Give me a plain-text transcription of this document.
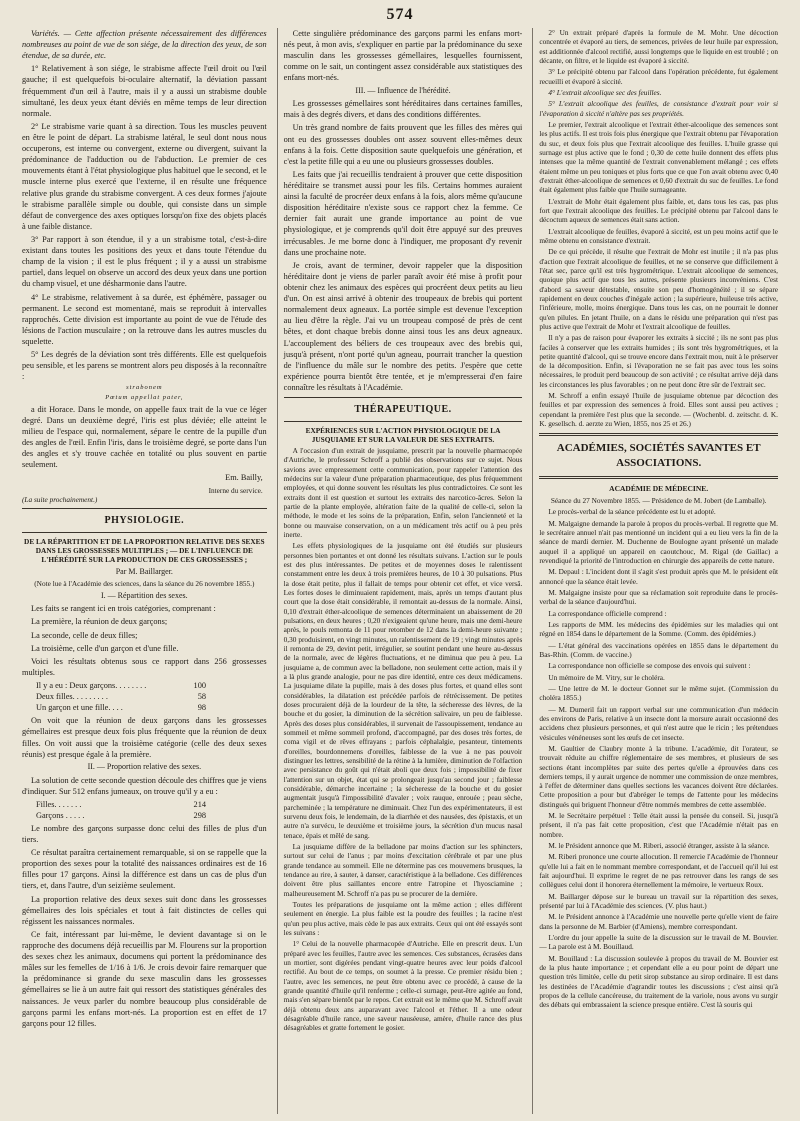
574

Variétés. — Cette affection présente nécessairement des différences nombreuses au point de vue de son siége, de la direction des yeux, de son étendue, de sa durée, etc.

1° Relativement à son siége, le strabisme affecte l'œil droit ou l'œil gauche; il est quelquefois bi-oculaire alternatif, la déviation passant fréquemment d'un œil à l'autre, mais il y a aussi un strabisme double simultané, les deux yeux étant déviés en même temps de leur direction normale.

2° Le strabisme varie quant à sa direction. Tous les muscles peuvent en être le point de départ. La strabisme latéral, le seul dont nous nous occuperons, est interne ou convergent, externe ou divergent, suivant la prédominance de l'adduction ou de l'abduction. Le premier de ces mouvements étant à l'état physiologique plus habituel que le second, et le muscle interne plus exercé que l'externe, il en résulte une fréquence relative plus grande du strabisme convergent. A ces deux formes j'ajoute le strabisme parallèle simple ou double, qui consiste dans un simple défaut de convergence des axes optiques lorsqu'on fixe des objets placés à une faible distance.

3° Par rapport à son étendue, il y a un strabisme total, c'est-à-dire existant dans toutes les positions des yeux et dans toute l'étendue du champ de la vision ; il est le plus fréquent ; il y a aussi un strabisme partiel, dans lequel on observe un accord des deux yeux dans une portion du champ visuel, et une désharmonie dans l'autre.

4° Le strabisme, relativement à sa durée, est éphémère, passager ou permanent. Le second est momentané, mais se reproduit à intervalles rapprochés. Cette division est importante au point de vue de l'étude des lésions de l'action musculaire ; on la retrouve dans les autres muscles du squelette.

5° Les degrés de la déviation sont très différents. Elle est quelquefois peu sensible, et les parens se montrent alors peu disposés à la reconnaître :

strabonem
Pœtum appellat pater,

a dit Horace. Dans le monde, on appelle faux trait de la vue ce léger degré. Dans un deuxième degré, l'iris est plus déviée; elle atteint le milieu de l'espace qui, normalement, sépare le centre de la pupille d'un des angles de l'œil. Enfin l'iris, dans le troisième degré, se porte dans l'un des angles et s'y trouve cachée en totalité ou plus souvent en partie seulement.

Em. Bailly,
Interne du service.
(La suite prochainement.)
PHYSIOLOGIE.
DE LA RÉPARTITION ET DE LA PROPORTION RELATIVE DES SEXES DANS LES GROSSESSES MULTIPLES ; — DE L'INFLUENCE DE L'HÉRÉDITÉ SUR LA PRODUCTION DE CES GROSSESSES ;
Par M. Baillarger.
(Note lue à l'Académie des sciences, dans la séance du 26 novembre 1855.)
I. — Répartition des sexes.

Les faits se rangent ici en trois catégories, comprenant :

La première, la réunion de deux garçons;

La seconde, celle de deux filles;

La troisième, celle d'un garçon et d'une fille.

Voici les résultats obtenus sous ce rapport dans 256 grossesses multiples.

Il y a eu : Deux garçons. . . . . . . .	100
Deux filles. . . . . . . . .	58
Un garçon et une fille. . . .	98

On voit que la réunion de deux garçons dans les grossesses gémellaires est presque deux fois plus fréquente que la réunion de deux filles. On voit aussi que la troisième catégorie (celle des deux sexes réunis) est presque égale à la première.

II. — Proportion relative des sexes.

La solution de cette seconde question découle des chiffres que je viens d'indiquer. Sur 512 enfans jumeaux, on trouve qu'il y a eu :

Filles. . . . . . .	214
Garçons . . . . .	298

Le nombre des garçons surpasse donc celui des filles de plus d'un tiers.

Ce résultat paraîtra certainement remarquable, si on se rappelle que la proportion des sexes pour la totalité des naissances ordinaires est de 16 filles pour 17 garçons. Ainsi la différence est dans un cas de plus d'un tiers, et, dans l'autre, d'un seizième seulement.

La proportion relative des deux sexes suit donc dans les grossesses gémellaires des lois spéciales et tout à fait distinctes de celles qui régissent les naissances normales.

Ce fait, intéressant par lui-même, le devient davantage si on le rapproche des documens déjà recueillis par M. Flourens sur la proportion des sexes chez les animaux, documens qui portent la prédominance des mâles sur les femelles de 1/16 à 1/6. Je crois devoir faire remarquer que la prédominance si grande du sexe masculin dans les grossesses gémellaires se lie à un autre fait qui ressort des statistiques générales des naissances. Je veux parler du nombre beaucoup plus considérable de garçons parmi les enfans mort-nés. La proportion est en effet de 17 garçons pour 12 filles.

Cette singulière prédominance des garçons parmi les enfans mort-nés peut, à mon avis, s'expliquer en partie par la prédominance du sexe masculin dans les grossesses gémellaires, lesquelles fournissent, comme on le sait, un contingent assez considérable aux statistiques des enfans mort-nés.

III. — Influence de l'hérédité.

Les grossesses gémellaires sont héréditaires dans certaines familles, mais à des degrés divers, et dans des conditions différentes.

Un très grand nombre de faits prouvent que les filles des mères qui ont eu des grossesses doubles ont assez souvent elles-mêmes deux enfans à la fois. Cette disposition saute quelquefois une génération, et c'est la petite fille qui a eu une ou plusieurs grossesses doubles.

Les faits que j'ai recueillis tendraient à prouver que cette disposition héréditaire se transmet aussi pour les fils. Certains hommes auraient ainsi la faculté de procréer deux enfans à la fois, alors même qu'aucune disposition héréditaire n'existe sous ce rapport chez la femme. Ce dernier fait aurait une grande importance au point de vue physiologique, et je comprends qu'il doit être appuyé sur des preuves irrécusables. Je me borne donc à l'indiquer, me proposant d'y revenir dans une prochaine note.

Je crois, avant de terminer, devoir rappeler que la disposition héréditaire dont je viens de parler paraît avoir été mise à profit pour obtenir chez les animaux des espèces qui procréent deux petits au lieu d'un. On est ainsi arrivé à obtenir des troupeaux de brebis qui portent normalement deux agneaux. La portée simple est devenue l'exception au lieu d'être la règle. J'ai vu un troupeau composé de près de cent bêtes, et dont chaque brebis donne ainsi tous les ans deux agneaux. L'accouplement des béliers de ces troupeaux avec des brebis qui, jusqu'à présent, n'ont porté qu'un agneau, pourrait trancher la question de l'influence du mâle sur le nombre des petits. J'espère que cette expérience pourra bientôt être tentée, et je m'empresserai d'en faire connaître les résultats à l'Académie.

THÉRAPEUTIQUE.
EXPÉRIENCES SUR L'ACTION PHYSIOLOGIQUE DE LA JUSQUIAME ET SUR LA VALEUR DE SES EXTRAITS.

A l'occasion d'un extrait de jusquiame, prescrit par la nouvelle pharmacopée d'Autriche, le professeur Schroff a publié des observations sur ce sujet. Nous savions avec empressement cette communication, pour rappeler l'attention des médecins sur la valeur d'une préparation pharmaceutique, des plus fréquemment employées, et qui donne souvent les résultats les plus contradictoires. Ce sont les extraits dont il est question et surtout les extraits des narcotico-âcres. Selon la partie de la plante employée, altération faite de la qualité de celle-ci, selon la méthode, le mode et les soins de la préparation, Enfin, selon l'ancienneté et la bonne ou mauvaise conservation, on a un médicament très actif ou à peu près inerte.

Les effets physiologiques de la jusquiame ont été étudiés sur plusieurs personnes bien portantes et ont donné les résultats suivans. L'action sur le pouls est des plus intéressantes. De petites et de moyennes doses le ralentissent constamment entre les deux à trois premières heures, de 10 à 30 pulsations. Plus la dose était petite, plus il fallait de temps pour obtenir cet effet, et vice versâ. Les fortes doses le diminuaient rapidement, mais, après un temps d'autant plus court que la dose était considérable, il remontait au-dessus de la normale. Ainsi, 0,10 d'extrait éther-alcoolique de semences déterminaient un abaissement de 20 pulsations, en deux heures ; 0,20 n'exigeaient qu'une heure, mais une demi-heure après, le pouls remonta de 11 pour retomber de 12 dans la demi-heure suivante ; 0,30 produisirent, en vingt minutes, un ralentissement de 19 ; vingt minutes après il remonta de 29, devint petit, irrégulier, se soutint pendant une heure au-dessus de la normale, avec de légères fluctuations, et ne diminua que peu à peu. La jusquiame a, de commun avec la belladone, non seulement cette action, mais il y a là plus grande analogie, pour ne pas dire identité, entre ces deux médicamens. La jusquiame dilate la pupille, mais à des doses plus fortes, et quand elles sont considérables, la dilatation est précédée parfois de rétrécissement. De petites doses procuraient déjà de la lourdeur de la tête, la sécheresse des lèvres, de la bouche et du gosier, la diminution de la sécrétion salivaire, un peu de faiblesse. Après des doses plus considérables, il survenait de l'assoupissement, tendance au sommeil et même sommeil profond, d'accompagné, par des doses très fortes, de coma vigil et de rêves effrayans ; parfois céphalalgie, pesanteur, tintements d'oreilles, bourdonnemens d'oreilles, faiblesse de la vue à ne pas pouvoir distinguer les lettres, sensibilité de la rétine à la lumière, diminution de l'olfaction avec persistance du goût qui n'était aboli que deux fois ; impossibilité de fixer l'attention sur un objet, état qui se prolongeait jusqu'au second jour ; faiblesse considérable, démarche incertaine ; la sécheresse de la bouche et du gosier augmentait jusqu'à l'impossibilité d'avaler ; voix rauque, enrouée ; peau sèche, parcheminée ; la température ne diminuait. Chez l'un des expérimentateurs, il est survenu deux fois, le lendemain, de la diarrhée et des nausées, des épistaxis, et un autre n'a survécu, le deuxième et troisième jours, la sécrétion d'un mucus nasal tenace, épais et mêlé de sang.

La jusquiame diffère de la belladone par moins d'action sur les sphincters, surtout sur celui de l'anus ; par moins d'excitation cérébrale et par une plus grande tendance au sommeil. Elle ne détermine pas ces mouvemens brusques, la tendance au rire, à sauter, à danser, caractéristique à la belladone. Ces différences doivent être plus saillantes encore entre l'atropine et l'hyosciamine ; malheureusement M. Schroff n'a pas pu se procurer de la dernière.

Toutes les préparations de jusquiame ont la même action ; elles diffèrent seulement en énergie. La plus faible est la poudre des feuilles ; la racine n'est qu'un peu plus active, mais cède le pas aux extraits. Ceux qui ont été essayés sont les suivans :

1° Celui de la nouvelle pharmacopée d'Autriche. Elle en prescrit deux. L'un préparé avec les feuilles, l'autre avec les semences. Ces substances, écrasées dans un mortier, sont digérées pendant vingt-quatre heures avec leur poids d'alcool rectifié. Au bout de ce temps, on soumet à la presse. Ce premier résidu bien ; l'autre, avec les semences, ne peut être obtenu avec ce procédé, à cause de la grande quantité d'huile qu'il renferme ; celle-ci surnage, peut-être agitée au fond, mais s'en sépare bientôt par le repos. Cet extrait est le même que M. Schroff avait déjà obtenu deux ans auparavant avec l'alcool et l'éther. Il a une odeur désagréable d'huile rance, une saveur nauséeuse, amère, d'huile rance des plus désagréables et gratte fortement le gosier.

2° Un extrait préparé d'après la formule de M. Mohr. Une décoction concentrée et évaporé au tiers, de semences, privées de leur huile par expression, est additionnée d'alcool rectifié, aussi longtemps que le liquide en est troublé ; on décante, on filtre, et le liquide est évaporé à siccité.

3° Le précipité obtenu par l'alcool dans l'opération précédente, fut également recueilli et évaporé à siccité.

4° L'extrait alcoolique sec des feuilles.

5° L'extrait alcoolique des feuilles, de consistance d'extrait pour voir si l'évaporation à siccité n'altère pas ses propriétés.

Le premier, l'extrait alcoolique et l'extrait éther-alcoolique des semences sont les plus actifs. Il est trois fois plus énergique que l'extrait obtenu par l'évaporation du suc, et deux fois plus que l'extrait alcoolique des feuilles. L'huile grasse qui surnage est plus active que le fond ; 0,30 de cette huile donnent des effets plus intenses que la même quantité de l'extrait convenablement mélangé ; ces effets étaient même un peu toniques et plus forts que ce que l'on avait obtenu avec 0,40 d'extrait éther-alcoolique de semences et 0,60 d'extrait du suc de feuilles. Le fond était également plus faible que l'huile surnageante.

L'extrait de Mohr était également plus faible, et, dans tous les cas, pas plus fort que l'extrait alcoolique des feuilles. Le précipité obtenu par l'alcool dans le décoctum aqueux de semences était sans action.

L'extrait alcoolique de feuilles, évaporé à siccité, est un peu moins actif que le même obtenu en consistance d'extrait.

De ce qui précède, il résulte que l'extrait de Mohr est inutile ; il n'a pas plus d'action que l'extrait alcoolique de feuilles, et ne se conserve que difficilement à l'état sec, parce qu'il est très hygrométrique. L'extrait alcoolique de semences, quoique plus actif que tous les autres, présente plusieurs inconvéniens. C'est d'abord sa saveur détestable, ensuite son peu d'homogénéité ; il se sépare rapidement en deux couches d'inégale action ; la supérieure, huileuse très active, l'inférieure, molle, moins énergique. Dans tous les cas, on ne pourrait le donner qu'en pilules. En jetant l'huile, on a dans le résidu une préparation qui n'est pas plus active que l'extrait de Mohr et l'extrait alcoolique de feuilles.

Il n'y a pas de raison pour évaporer les extraits à siccité ; ils ne sont pas plus faciles à conserver que les extraits humides ; ils sont très hygrométriques, et la petite quantité d'alcool, qui se trouve encore dans l'extrait mou, nuit à le préserver de la décomposition. Enfin, si l'évaporation ne se fait pas avec tous les soins nécessaires, le produit perd beaucoup de son activité ; ce résultat arrive déjà dans les circonstances les plus favorables ; on ne peut donc être sûr de l'extrait sec.

M. Schroff a enfin essayé l'huile de jusquiame obtenue par décoction des feuilles et par expression des semences à froid. Elles sont aussi peu actives ; cependant la première l'est plus que la seconde. — (Wochenbl. d. zeitschr. d. K. K. gesellsch. d. aerzte zu Wien, 1855, nos 25 et 26.)

ACADÉMIES, SOCIÉTÉS SAVANTES ET ASSOCIATIONS.
ACADÉMIE DE MÉDECINE.
Séance du 27 Novembre 1855. — Présidence de M. Jobert (de Lamballe).

Le procès-verbal de la séance précédente est lu et adopté.

M. Malgaigne demande la parole à propos du procès-verbal. Il regrette que M. le secrétaire annuel n'ait pas mentionné un incident qui a eu lieu vers la fin de la séance de mardi dernier. M. Duchenne de Boulogne ayant présenté un malade auquel il a appliqué un appareil en caoutchouc, M. Rigal (de Gaillac) a revendiqué la priorité de l'introduction en chirurgie des appareils de cette nature.

M. Depaul : L'incident dont il s'agit s'est produit après que M. le président eût annoncé que la séance était levée.

M. Malgaigne insiste pour que sa réclamation soit reproduite dans le procès-verbal de la séance d'aujourd'hui.

La correspondance officielle comprend :

Les rapports de MM. les médecins des épidémies sur les maladies qui ont régné en 1854 dans le département de la Somme. (Comm. des épidémies.)

— L'état général des vaccinations opérées en 1855 dans le département du Bas-Rhin. (Comm. de vaccine.)

La correspondance non officielle se compose des envois qui suivent :

Un mémoire de M. Vitry, sur le choléra.

— Une lettre de M. le docteur Gonnet sur le même sujet. (Commission du choléra 1855.)

— M. Dumeril fait un rapport verbal sur une communication d'un médecin des environs de Paris, relative à un insecte dont la morsure aurait occasionné des accidens chez plusieurs personnes, et qui n'est autre que le ricin ; les prétendues vésicules vénéneuses sont les œufs de cet insecte.

M. Gaultier de Claubry monte à la tribune. L'académie, dit l'orateur, se trouvait réduite au chiffre réglementaire de ses membres, et plusieurs de ses sections étant incomplètes par suite des pertes qu'elle a éprouvées dans ces derniers temps, il y aurait urgence de nommer une commission de onze membres, à l'effet de déterminer dans quelles sections les vacances doivent être déclarées. Cette proposition a pour but d'abréger le temps de l'attente pour les médecins distingués qui briguent l'honneur d'être nommés membres de cette assemblée.

M. le Secrétaire perpétuel : Telle était aussi la pensée du conseil. Si, jusqu'à présent, il n'a pas fait cette proposition, c'est que l'Académie n'était pas en nombre.

M. le Président annonce que M. Riberi, associé étranger, assiste à la séance.

M. Riberi prononce une courte allocution. Il remercie l'Académie de l'honneur qu'elle lui a fait en le nommant membre correspondant, et de l'accueil qu'il lui est fait aujourd'hui. Il exprime le regret de ne pas retrouver dans les rangs de ses collègues celui dont il honorera éternellement la mémoire, le vertueux Roux.

M. Baillarger dépose sur le bureau un travail sur la répartition des sexes, présenté par lui à l'Académie des sciences. (V. plus haut.)

M. le Président annonce à l'Académie une nouvelle perte qu'elle vient de faire dans la personne de M. Barbier (d'Amiens), membre correspondant.

L'ordre du jour appelle la suite de la discussion sur le travail de M. Bouvier. — La parole est à M. Bouillaud.

M. Bouillaud : La discussion soulevée à propos du travail de M. Bouvier est de la plus haute importance ; et cependant elle a eu pour point de départ une question très limitée, celle du petit sirop substance au sirop ordinaire. Il est dans les destinées de l'Académie d'agrandir toutes les discussions ; c'est ainsi qu'à propos de la cellule cancéreuse, du traitement de la variole, nous avons vu surgir des débats qui embrassaient la science presque entière. C'est là souris qui
